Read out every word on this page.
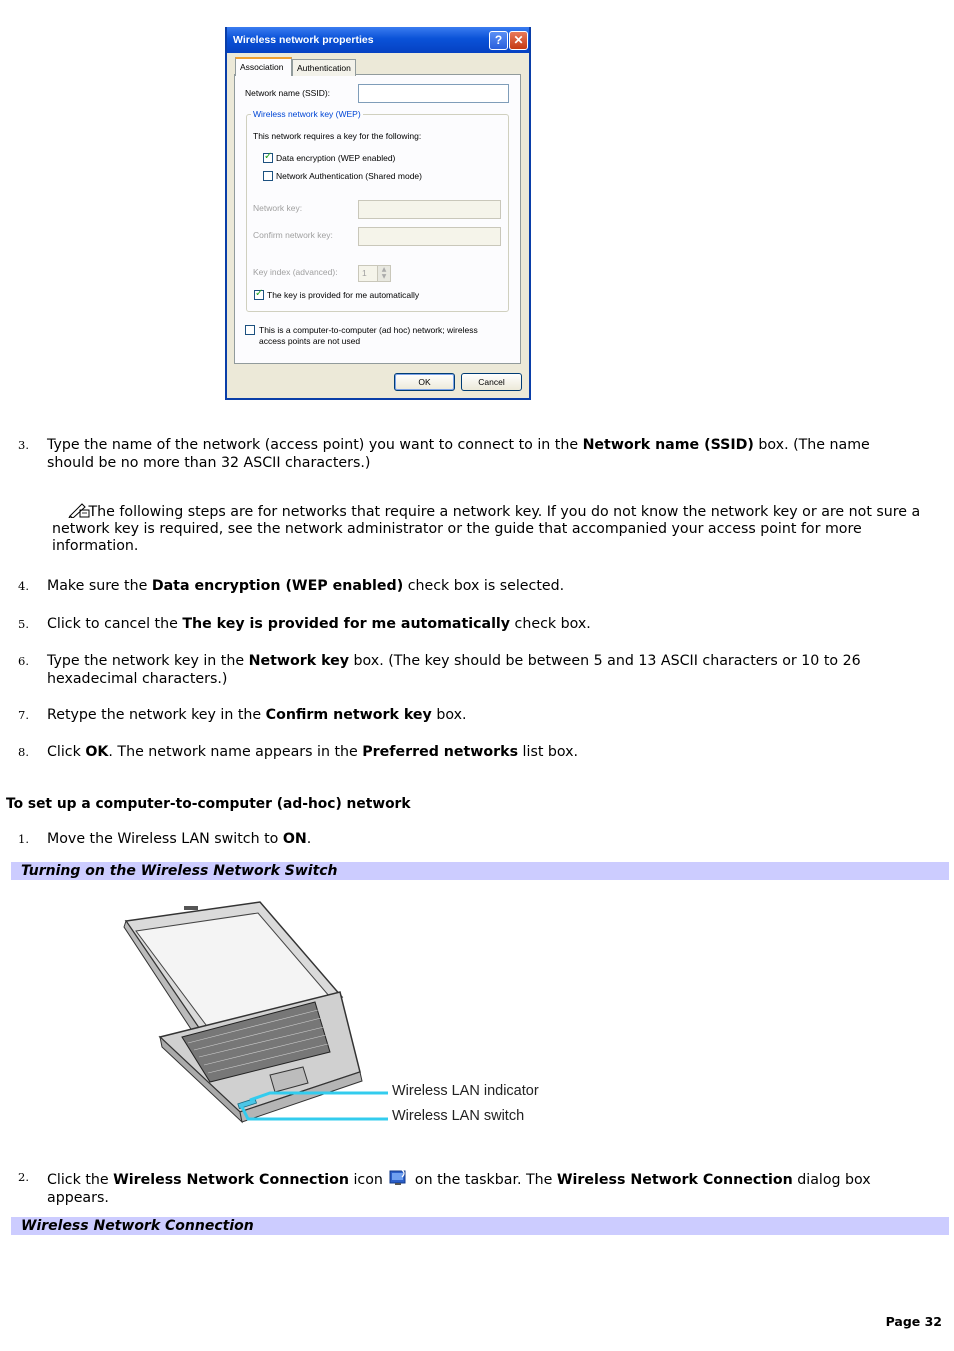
Wireless network properties	? ✕
Authentication
Association
Network name (SSID):
Wireless network key (WEP)
This network requires a key for the following:
✓ Data encryption (WEP enabled)
Network Authentication (Shared mode)
Network key:
Confirm network key:
Key index (advanced):	1	▲
▼
✓ The key is provided for me automatically
This is a computer-to-computer (ad hoc) network; wireless
access points are not used
OK	Cancel
3. Type the name of the network (access point) you want to connect to in the Network name (SSID) box. (The name should be no more than 32 ASCII characters.)
The following steps are for networks that require a network key. If you do not know the network key or are not sure a network key is required, see the network administrator or the guide that accompanied your access point for more information.
4. Make sure the Data encryption (WEP enabled) check box is selected.
5. Click to cancel the The key is provided for me automatically check box.
6. Type the network key in the Network key box. (The key should be between 5 and 13 ASCII characters or 10 to 26 hexadecimal characters.)
7. Retype the network key in the Confirm network key box.
8. Click OK. The network name appears in the Preferred networks list box.
To set up a computer-to-computer (ad-hoc) network
1. Move the Wireless LAN switch to ON.
Turning on the Wireless Network Switch
Wireless LAN indicator
Wireless LAN switch
2. Click the Wireless Network Connection icon  on the taskbar. The Wireless Network Connection dialog box appears.
Wireless Network Connection
Page 32
